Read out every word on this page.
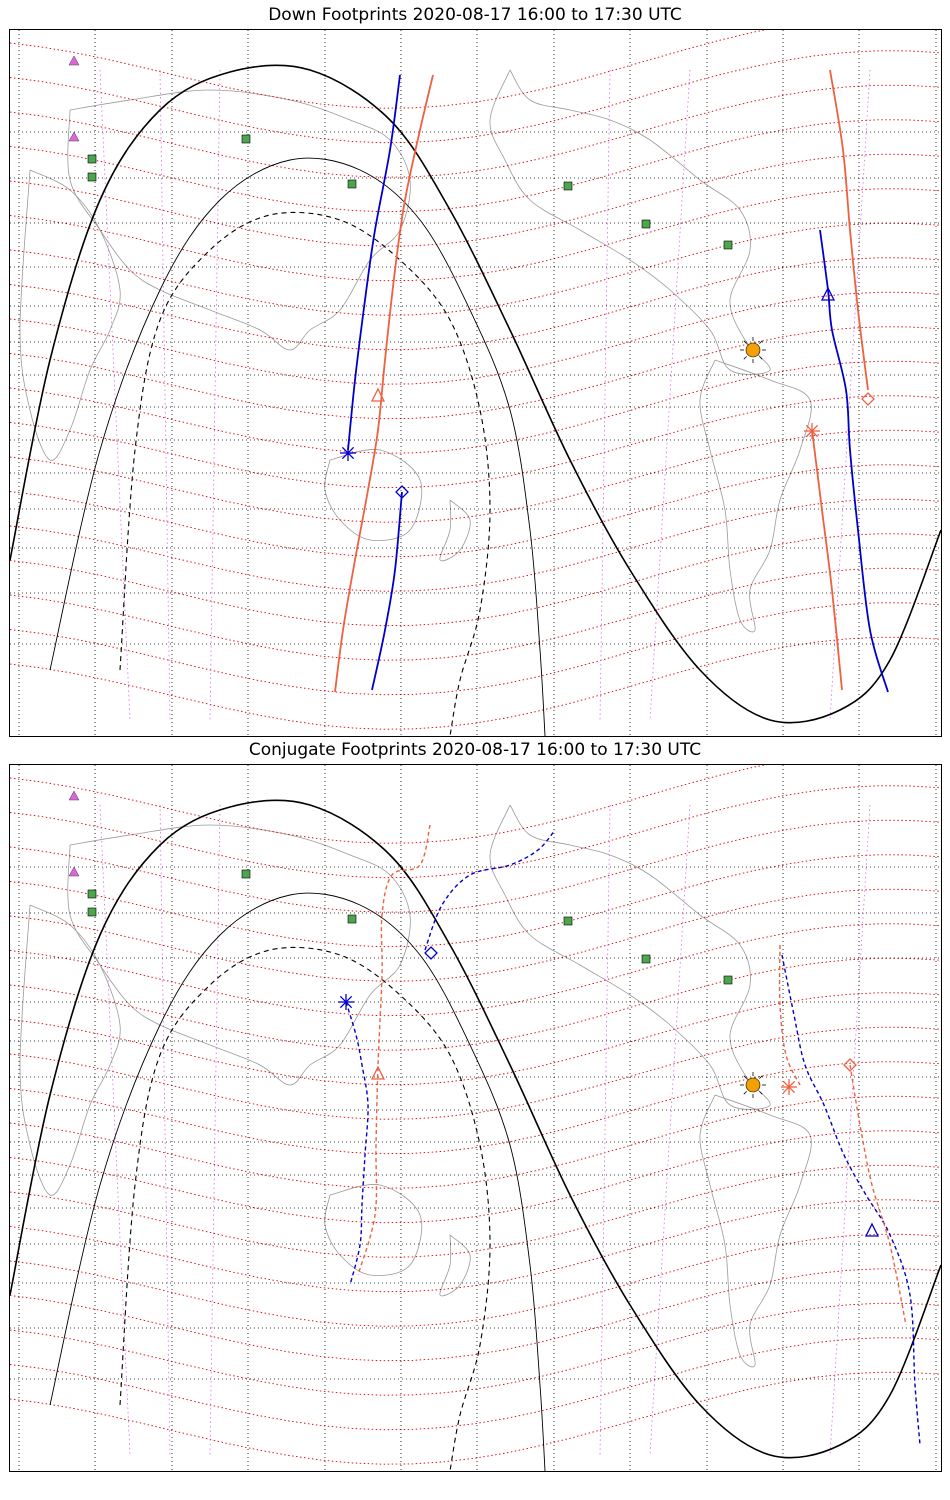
Down Footprints 2020-08-17 16:00 to 17:30 UTC
Conjugate Footprints 2020-08-17 16:00 to 17:30 UTC
